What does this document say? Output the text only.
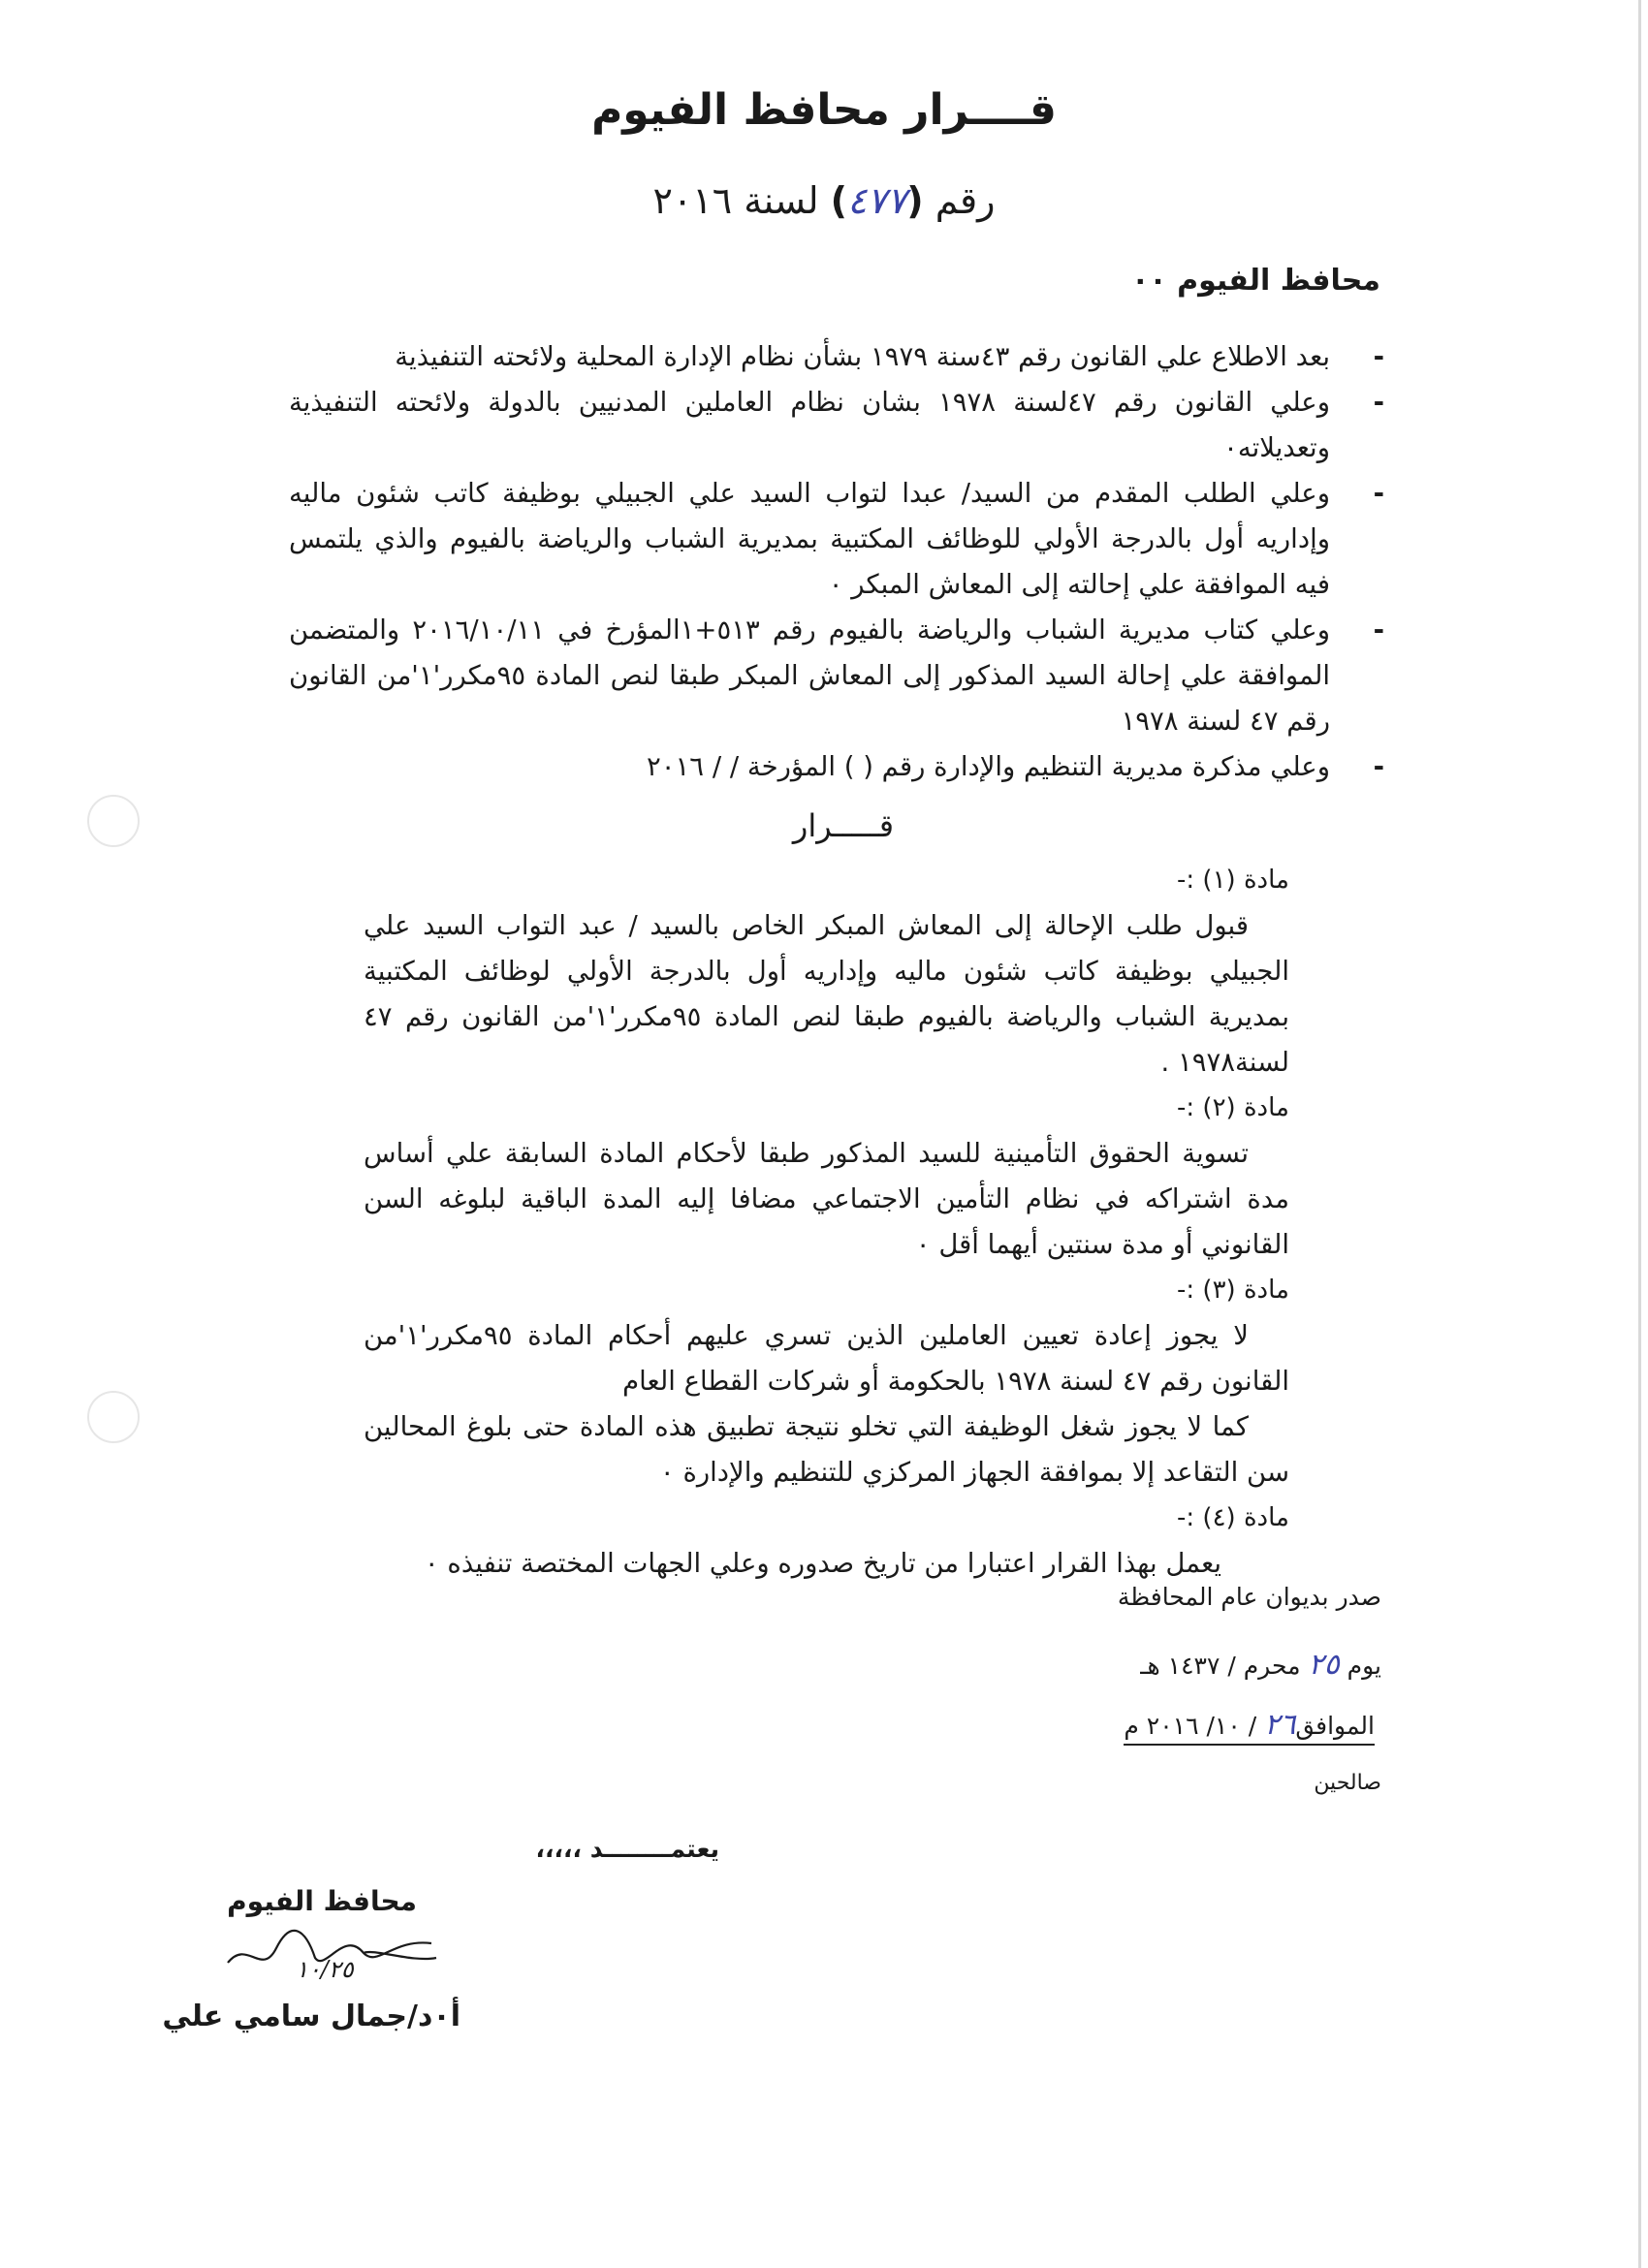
قــــرار محافظ الفيوم
رقم (٤٧٧) لسنة ٢٠١٦
محافظ الفيوم ٠٠
- بعد الاطلاع علي القانون رقم ٤٣سنة ١٩٧٩ بشأن نظام الإدارة المحلية ولائحته التنفيذية
- وعلي القانون رقم ٤٧لسنة ١٩٧٨ بشان نظام العاملين المدنيين بالدولة ولائحته التنفيذية وتعديلاته٠
- وعلي الطلب المقدم من السيد/ عبدا لتواب السيد علي الجبيلي بوظيفة كاتب شئون ماليه وإداريه أول بالدرجة الأولي للوظائف المكتبية بمديرية الشباب والرياضة بالفيوم والذي يلتمس فيه الموافقة علي إحالته إلى المعاش المبكر ٠
- وعلي كتاب مديرية الشباب والرياضة بالفيوم رقم ٥١٣+١المؤرخ في ٢٠١٦/١٠/١١ والمتضمن الموافقة علي إحالة السيد المذكور إلى المعاش المبكر طبقا لنص المادة ٩٥مكرر'١'من القانون رقم ٤٧ لسنة ١٩٧٨
- وعلي مذكرة مديرية التنظيم والإدارة رقم ( ) المؤرخة / / ٢٠١٦
قـــــرار

مادة (١) :-

قبول طلب الإحالة إلى المعاش المبكر الخاص بالسيد / عبد التواب السيد علي الجبيلي بوظيفة كاتب شئون ماليه وإداريه أول بالدرجة الأولي لوظائف المكتبية بمديرية الشباب والرياضة بالفيوم طبقا لنص المادة ٩٥مكرر'١'من القانون رقم ٤٧ لسنة١٩٧٨ .

مادة (٢) :-

تسوية الحقوق التأمينية للسيد المذكور طبقا لأحكام المادة السابقة علي أساس مدة اشتراكه في نظام التأمين الاجتماعي مضافا إليه المدة الباقية لبلوغه السن القانوني أو مدة سنتين أيهما أقل ٠

مادة (٣) :-

لا يجوز إعادة تعيين العاملين الذين تسري عليهم أحكام المادة ٩٥مكرر'١'من القانون رقم ٤٧ لسنة ١٩٧٨ بالحكومة أو شركات القطاع العام

كما لا يجوز شغل الوظيفة التي تخلو نتيجة تطبيق هذه المادة حتى بلوغ المحالين سن التقاعد إلا بموافقة الجهاز المركزي للتنظيم والإدارة ٠

مادة (٤) :-

يعمل بهذا القرار اعتبارا من تاريخ صدوره وعلي الجهات المختصة تنفيذه ٠

صدر بديوان عام المحافظة
يوم ٢٥ محرم / ١٤٣٧ هـ
الموافق٢٦ / ١٠/ ٢٠١٦ م
صالحين
يعتمــــــــد ،،،،،
محافظ الفيوم
١٠/٢٥
أ٠د/جمال سامي علي
